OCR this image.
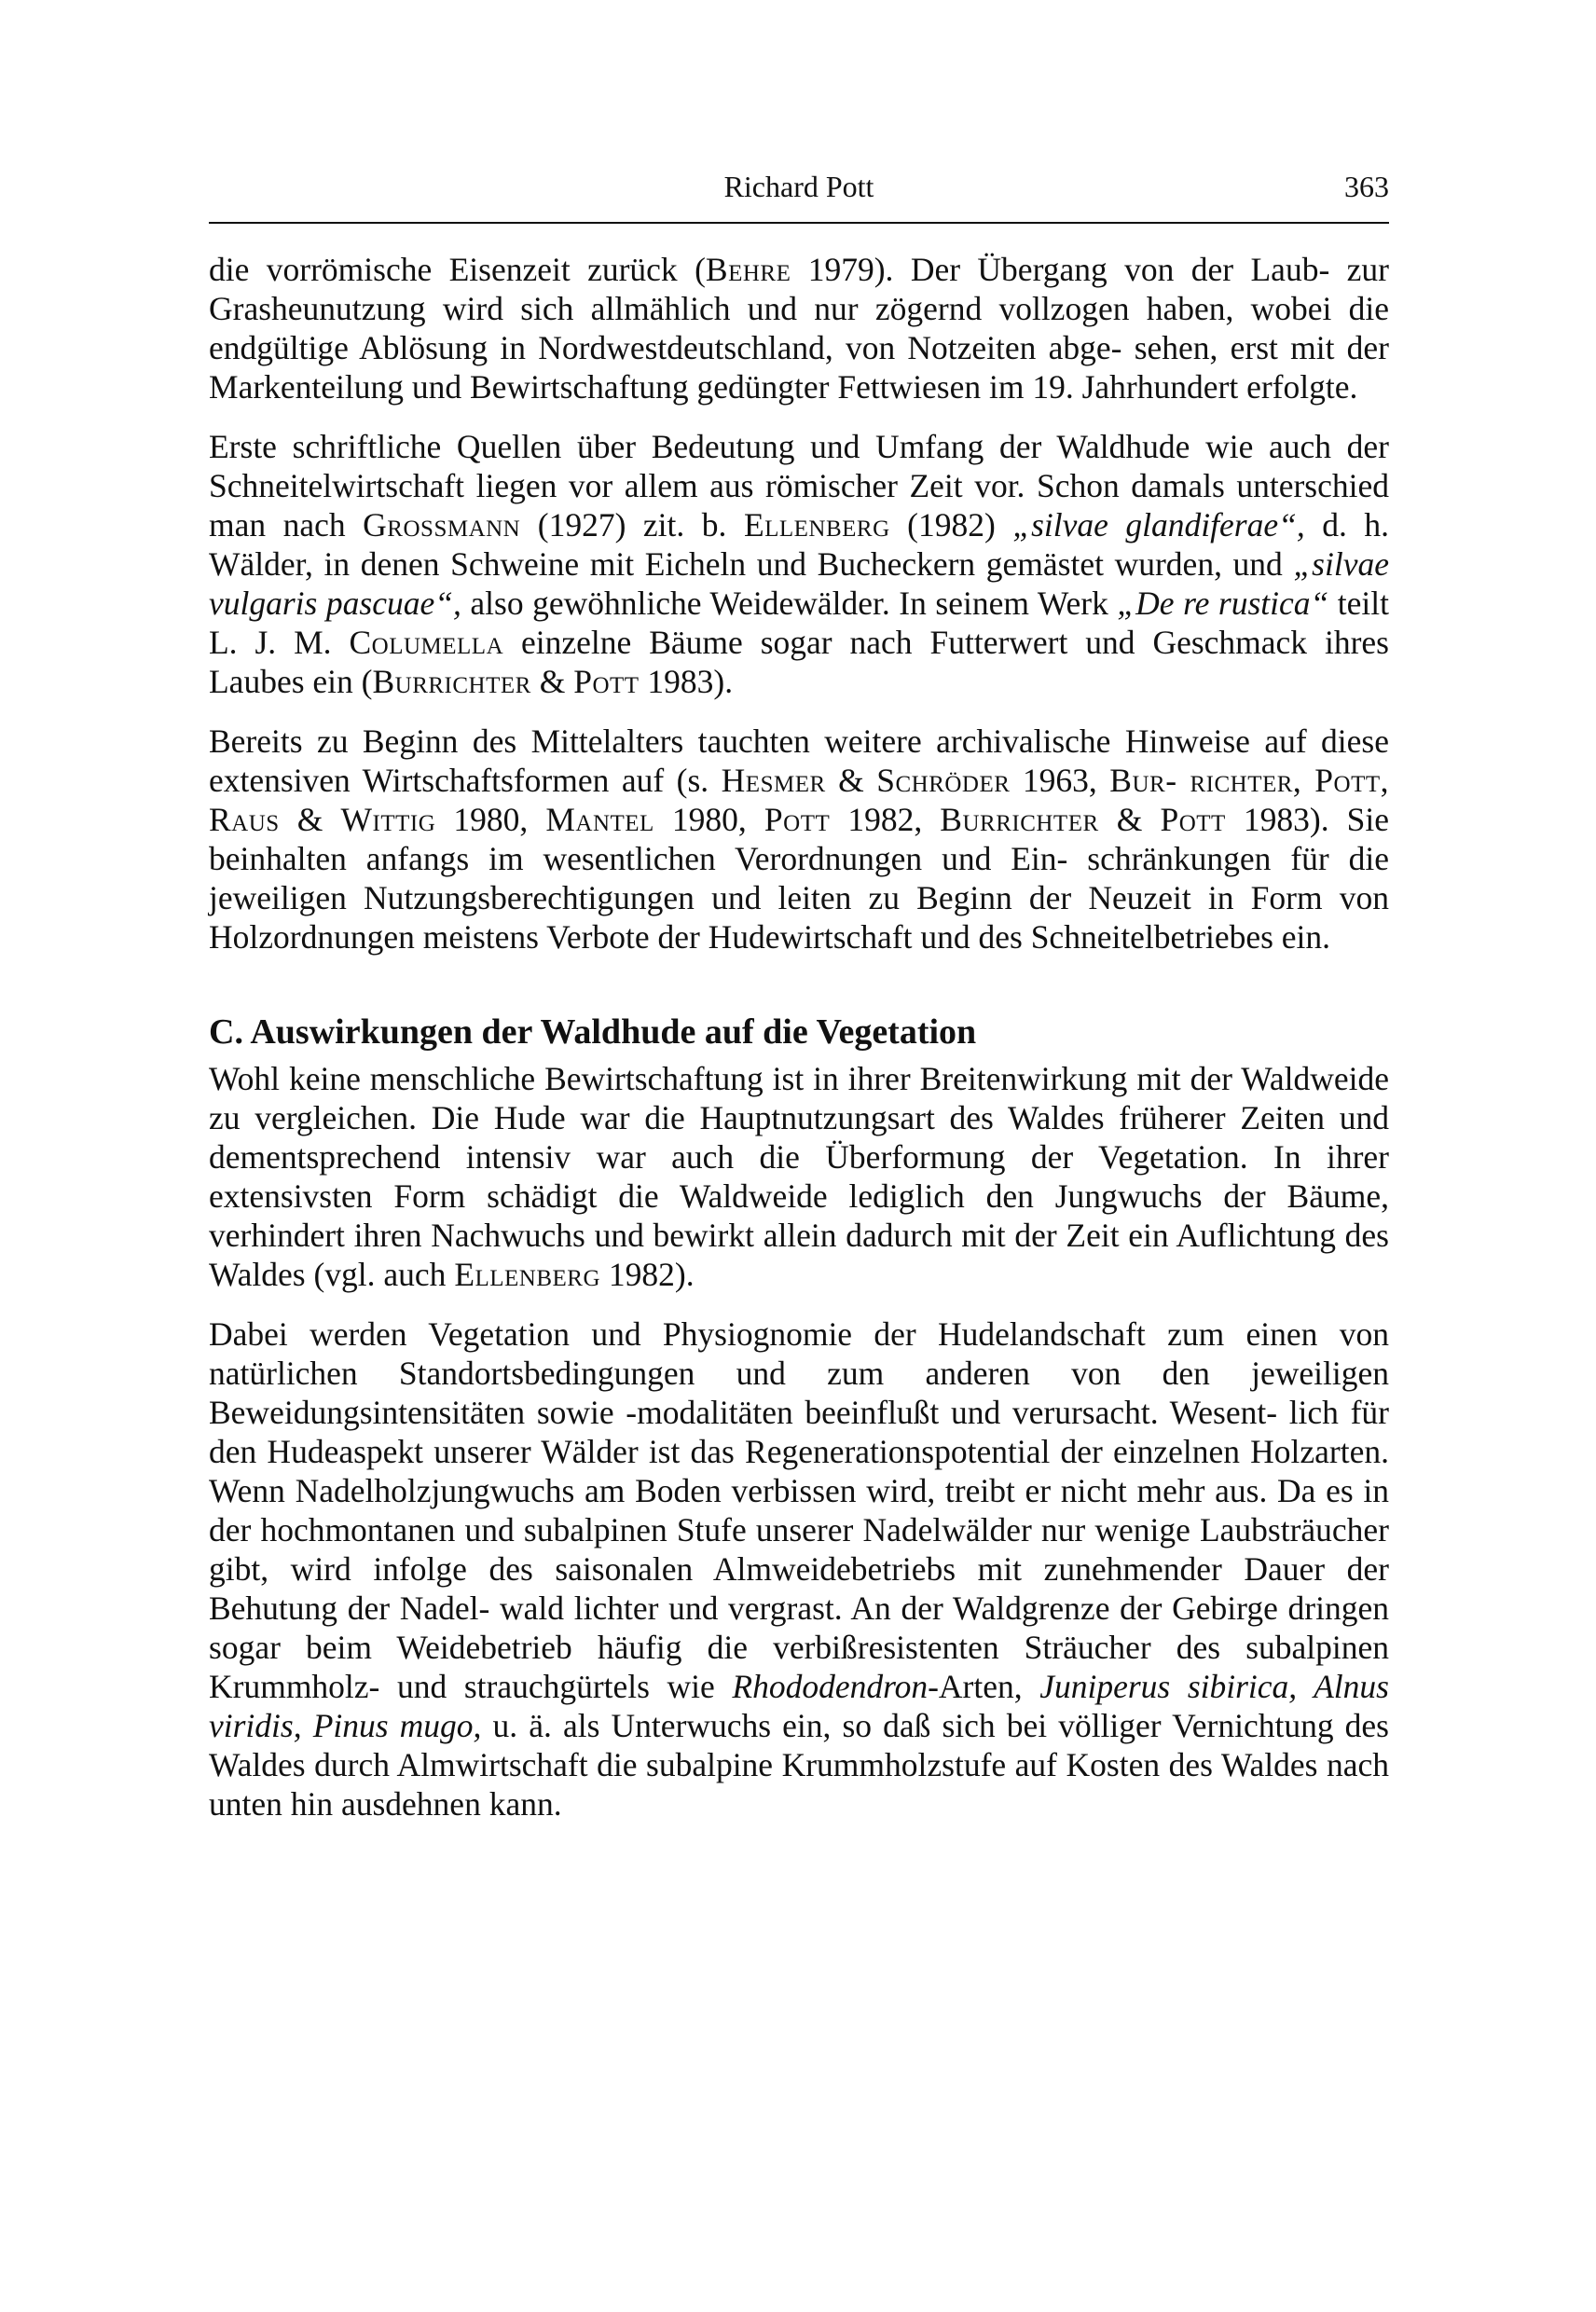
Richard Pott	363

die vorrömische Eisenzeit zurück (Behre 1979). Der Übergang von der Laub- zur Grasheunutzung wird sich allmählich und nur zögernd vollzogen haben, wobei die endgültige Ablösung in Nordwestdeutschland, von Notzeiten abge- sehen, erst mit der Markenteilung und Bewirtschaftung gedüngter Fettwiesen im 19. Jahrhundert erfolgte.

Erste schriftliche Quellen über Bedeutung und Umfang der Waldhude wie auch der Schneitelwirtschaft liegen vor allem aus römischer Zeit vor. Schon damals unterschied man nach Grossmann (1927) zit. b. Ellenberg (1982) „silvae glandiferae“, d. h. Wälder, in denen Schweine mit Eicheln und Bucheckern gemästet wurden, und „silvae vulgaris pascuae“, also gewöhnliche Weidewälder. In seinem Werk „De re rustica“ teilt L. J. M. Columella einzelne Bäume sogar nach Futterwert und Geschmack ihres Laubes ein (Burrichter & Pott 1983).

Bereits zu Beginn des Mittelalters tauchten weitere archivalische Hinweise auf diese extensiven Wirtschaftsformen auf (s. Hesmer & Schröder 1963, Bur- richter, Pott, Raus & Wittig 1980, Mantel 1980, Pott 1982, Burrichter & Pott 1983). Sie beinhalten anfangs im wesentlichen Verordnungen und Ein- schränkungen für die jeweiligen Nutzungsberechtigungen und leiten zu Beginn der Neuzeit in Form von Holzordnungen meistens Verbote der Hudewirtschaft und des Schneitelbetriebes ein.

C. Auswirkungen der Waldhude auf die Vegetation

Wohl keine menschliche Bewirtschaftung ist in ihrer Breitenwirkung mit der Waldweide zu vergleichen. Die Hude war die Hauptnutzungsart des Waldes früherer Zeiten und dementsprechend intensiv war auch die Überformung der Vegetation. In ihrer extensivsten Form schädigt die Waldweide lediglich den Jungwuchs der Bäume, verhindert ihren Nachwuchs und bewirkt allein dadurch mit der Zeit ein Auflichtung des Waldes (vgl. auch Ellenberg 1982).

Dabei werden Vegetation und Physiognomie der Hudelandschaft zum einen von natürlichen Standortsbedingungen und zum anderen von den jeweiligen Beweidungsintensitäten sowie -modalitäten beeinflußt und verursacht. Wesent- lich für den Hudeaspekt unserer Wälder ist das Regenerationspotential der einzelnen Holzarten. Wenn Nadelholzjungwuchs am Boden verbissen wird, treibt er nicht mehr aus. Da es in der hochmontanen und subalpinen Stufe unserer Nadelwälder nur wenige Laubsträucher gibt, wird infolge des saisonalen Almweidebetriebs mit zunehmender Dauer der Behutung der Nadel- wald lichter und vergrast. An der Waldgrenze der Gebirge dringen sogar beim Weidebetrieb häufig die verbißresistenten Sträucher des subalpinen Krummholz- und strauchgürtels wie Rhododendron-Arten, Juniperus sibirica, Alnus viridis, Pinus mugo, u. ä. als Unterwuchs ein, so daß sich bei völliger Vernichtung des Waldes durch Almwirtschaft die subalpine Krummholzstufe auf Kosten des Waldes nach unten hin ausdehnen kann.
